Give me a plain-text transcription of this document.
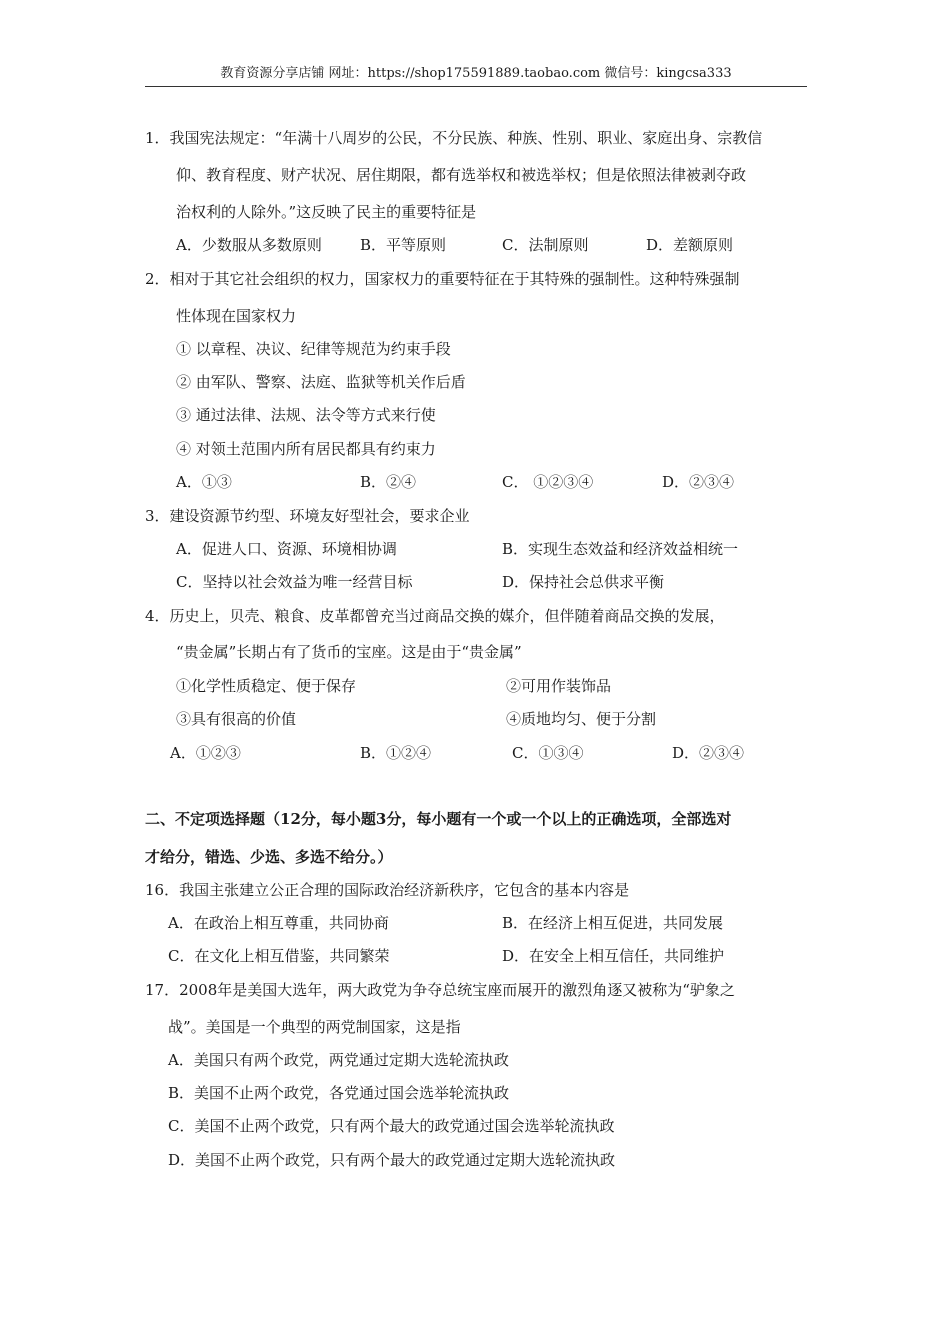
教育资源分享店铺 网址：https://shop175591889.taobao.com 微信号：kingcsa333
1．我国宪法规定：“年满十八周岁的公民，不分民族、种族、性别、职业、家庭出身、宗教信
仰、教育程度、财产状况、居住期限，都有选举权和被选举权；但是依照法律被剥夺政
治权利的人除外。”这反映了民主的重要特征是
A．少数服从多数原则	B．平等原则	C．法制原则	D．差额原则
2．相对于其它社会组织的权力，国家权力的重要特征在于其特殊的强制性。这种特殊强制
性体现在国家权力
① 以章程、决议、纪律等规范为约束手段
② 由军队、警察、法庭、监狱等机关作后盾
③ 通过法律、法规、法令等方式来行使
④ 对领土范围内所有居民都具有约束力
A．①③	B．②④	C． ①②③④	D．②③④
3．建设资源节约型、环境友好型社会，要求企业
A．促进人口、资源、环境相协调	B．实现生态效益和经济效益相统一
C．坚持以社会效益为唯一经营目标	D．保持社会总供求平衡
4．历史上，贝壳、粮食、皮革都曾充当过商品交换的媒介，但伴随着商品交换的发展，
“贵金属”长期占有了货币的宝座。这是由于“贵金属”
①化学性质稳定、便于保存	②可用作装饰品
③具有很高的价值	④质地均匀、便于分割
A．①②③	B．①②④	C．①③④	D．②③④
二、不定项选择题（12分，每小题3分，每小题有一个或一个以上的正确选项，全部选对
才给分，错选、少选、多选不给分。）
16．我国主张建立公正合理的国际政治经济新秩序，它包含的基本内容是
A．在政治上相互尊重，共同协商	B．在经济上相互促进，共同发展
C．在文化上相互借鉴，共同繁荣	D．在安全上相互信任，共同维护
17．2008年是美国大选年，两大政党为争夺总统宝座而展开的激烈角逐又被称为“驴象之
战”。美国是一个典型的两党制国家，这是指
A．美国只有两个政党，两党通过定期大选轮流执政
B．美国不止两个政党，各党通过国会选举轮流执政
C．美国不止两个政党，只有两个最大的政党通过国会选举轮流执政
D．美国不止两个政党，只有两个最大的政党通过定期大选轮流执政
